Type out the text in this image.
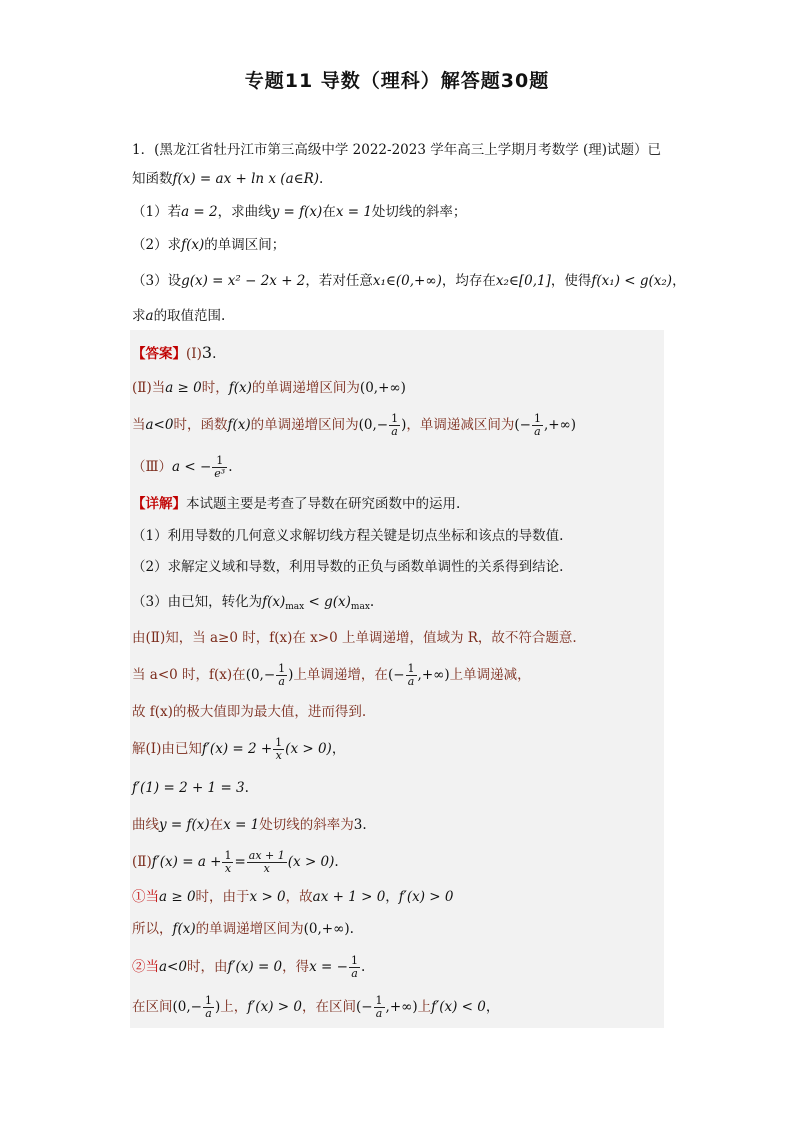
专题11 导数（理科）解答题30题
1．(黑龙江省牡丹江市第三高级中学 2022-2023 学年高三上学期月考数学 (理)试题）已
知函数f(x) = ax + ln x (a∈R).
（1）若a = 2，求曲线y = f(x)在x = 1处切线的斜率；
（2）求f(x)的单调区间；
（3）设g(x) = x² − 2x + 2，若对任意x₁∈(0,+∞)，均存在x₂∈[0,1]，使得f(x₁) < g(x₂)，
求a的取值范围.
【答案】(Ⅰ)3.
(Ⅱ)当a ≥ 0时，f(x)的单调递增区间为(0,+∞)
当a<0时，函数f(x)的单调递增区间为($0,- \frac{1}{a}$ )，单调递减区间为(− $\frac{1}{a}$ ,+∞)
（Ⅲ）a < − $\frac{1}{\text{e³}}$ .
【详解】本试题主要是考查了导数在研究函数中的运用.
（1）利用导数的几何意义求解切线方程关键是切点坐标和该点的导数值.
（2）求解定义域和导数，利用导数的正负与函数单调性的关系得到结论.
（3）由已知，转化为$f(x)_{max} < g(x)_{max}$.
由(Ⅱ)知，当 a≥0 时，f(x)在 x>0 上单调递增，值域为 R，故不符合题意.
当 a<0 时，f(x)在($0,- \frac{1}{a}$ )上单调递增，在(− $\frac{1}{a}$ ,+∞)上单调递减，
故 f(x)的极大值即为最大值，进而得到.
解(Ⅰ)由已知$f'(x) = 2 + \frac{1}{x} (x > 0)$，
f′(1) = 2 + 1 = 3.
曲线y = f(x)在x = 1处切线的斜率为3.
(Ⅱ)f′(x) = $a + \frac{1}{x} = \frac{ax + 1}{x} (x > 0)$.
①当a ≥ 0时，由于x > 0，故ax + 1 > 0，f′(x) > 0
所以，f(x)的单调递增区间为(0,+∞).
②当a<0时，由f′(x) = 0，得x = − $\frac{1}{a}$ .
在区间($0,- \frac{1}{a}$ )上，f′(x) > 0，在区间(− $\frac{1}{a}$ ,+∞)上f′(x) < 0，
